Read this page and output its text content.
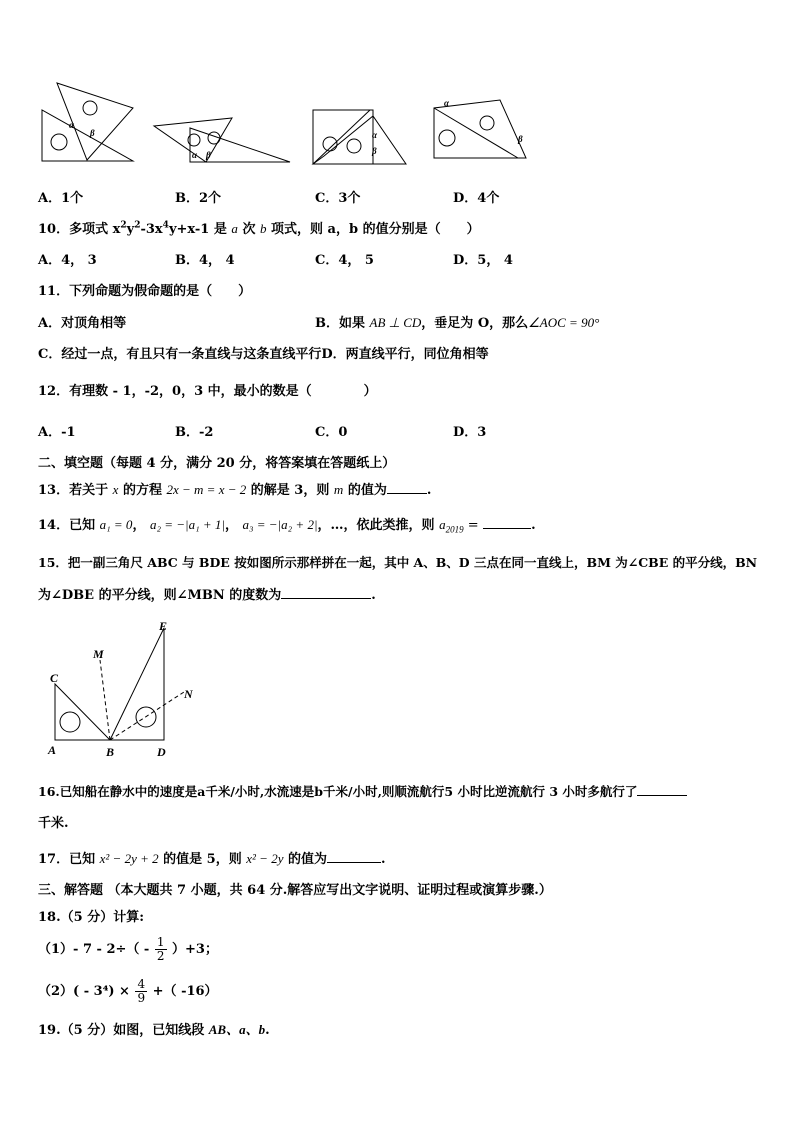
α
β
α β
α
β
α
β
A．1个	B．2个	C．3个	D．4个
10．多项式 $x^2y^2-3x^4y+x-1$ 是 a 次 b 项式，则 a，b 的值分别是（　　）
A．4， 3	B．4， 4	C．4， 5	D．5， 4
11．下列命题为假命题的是（　　）
A．对顶角相等	B．如果 AB ⊥ CD，垂足为 O，那么∠AOC = 90°
C．经过一点，有且只有一条直线与这条直线平行D．两直线平行，同位角相等
12．有理数 - 1，-2，0，3 中，最小的数是（　　　　）
A．-1	B．-2	C．0	D．3
二、填空题（每题 4 分，满分 20 分，将答案填在答题纸上）
13．若关于 x 的方程 2x − m = x − 2 的解是 3，则 m 的值为	.
14．已知 a₁ = 0， a₂ = −|a₁ + 1|， a₃ = −|a₂ + 2|，…，依此类推，则 $a_{2019}$ =	.
15．把一副三角尺 ABC 与 BDE 按如图所示那样拼在一起，其中 A、B、D 三点在同一直线上，BM 为∠CBE 的平分线，BN
为∠DBE 的平分线，则∠MBN 的度数为	.
C
A	B	D
E
M
N
16.已知船在静水中的速度是a千米/小时,水流速是b千米/小时,则顺流航行5 小时比逆流航行 3 小时多航行了
千米.
17．已知 x² − 2y + 2 的值是 5，则 x² − 2y 的值为	.
三、解答题 （本大题共 7 小题，共 64 分.解答应写出文字说明、证明过程或演算步骤.）
18.（5 分）计算:
（1）- $7 - 2\div( - \frac{1}{2} )+3$；
$(2)( - 3^4) \times \frac{4}{9}$ +（ -16）
19.（5 分）如图，已知线段 AB、a、b.
